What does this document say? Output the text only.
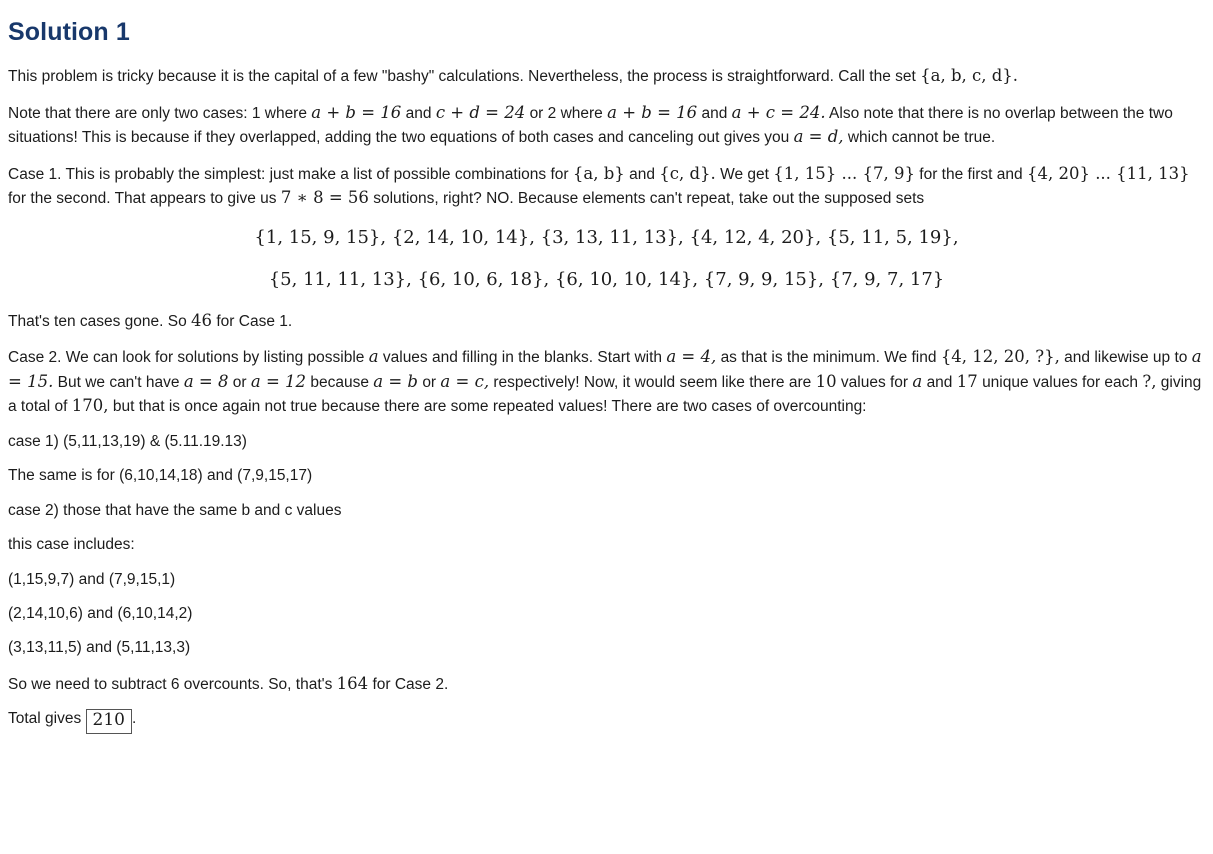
Solution 1

This problem is tricky because it is the capital of a few "bashy" calculations. Nevertheless, the process is straightforward. Call the set {a, b, c, d}.

Note that there are only two cases: 1 where a + b = 16 and c + d = 24 or 2 where a + b = 16 and a + c = 24. Also note that there is no overlap between the two situations! This is because if they overlapped, adding the two equations of both cases and canceling out gives you a = d, which cannot be true.

Case 1. This is probably the simplest: just make a list of possible combinations for {a, b} and {c, d}. We get {1, 15} ... {7, 9} for the first and {4, 20} ... {11, 13} for the second. That appears to give us 7 ∗ 8 = 56 solutions, right? NO. Because elements can't repeat, take out the supposed sets

{1, 15, 9, 15}, {2, 14, 10, 14}, {3, 13, 11, 13}, {4, 12, 4, 20}, {5, 11, 5, 19},
{5, 11, 11, 13}, {6, 10, 6, 18}, {6, 10, 10, 14}, {7, 9, 9, 15}, {7, 9, 7, 17}

That's ten cases gone. So 46 for Case 1.

Case 2. We can look for solutions by listing possible a values and filling in the blanks. Start with a = 4, as that is the minimum. We find {4, 12, 20, ?}, and likewise up to a = 15. But we can't have a = 8 or a = 12 because a = b or a = c, respectively! Now, it would seem like there are 10 values for a and 17 unique values for each ?, giving a total of 170, but that is once again not true because there are some repeated values! There are two cases of overcounting:

case 1) (5,11,13,19) & (5.11.19.13)

The same is for (6,10,14,18) and (7,9,15,17)

case 2) those that have the same b and c values

this case includes:

(1,15,9,7) and (7,9,15,1)

(2,14,10,6) and (6,10,14,2)

(3,13,11,5) and (5,11,13,3)

So we need to subtract 6 overcounts. So, that's 164 for Case 2.

Total gives 210 .
